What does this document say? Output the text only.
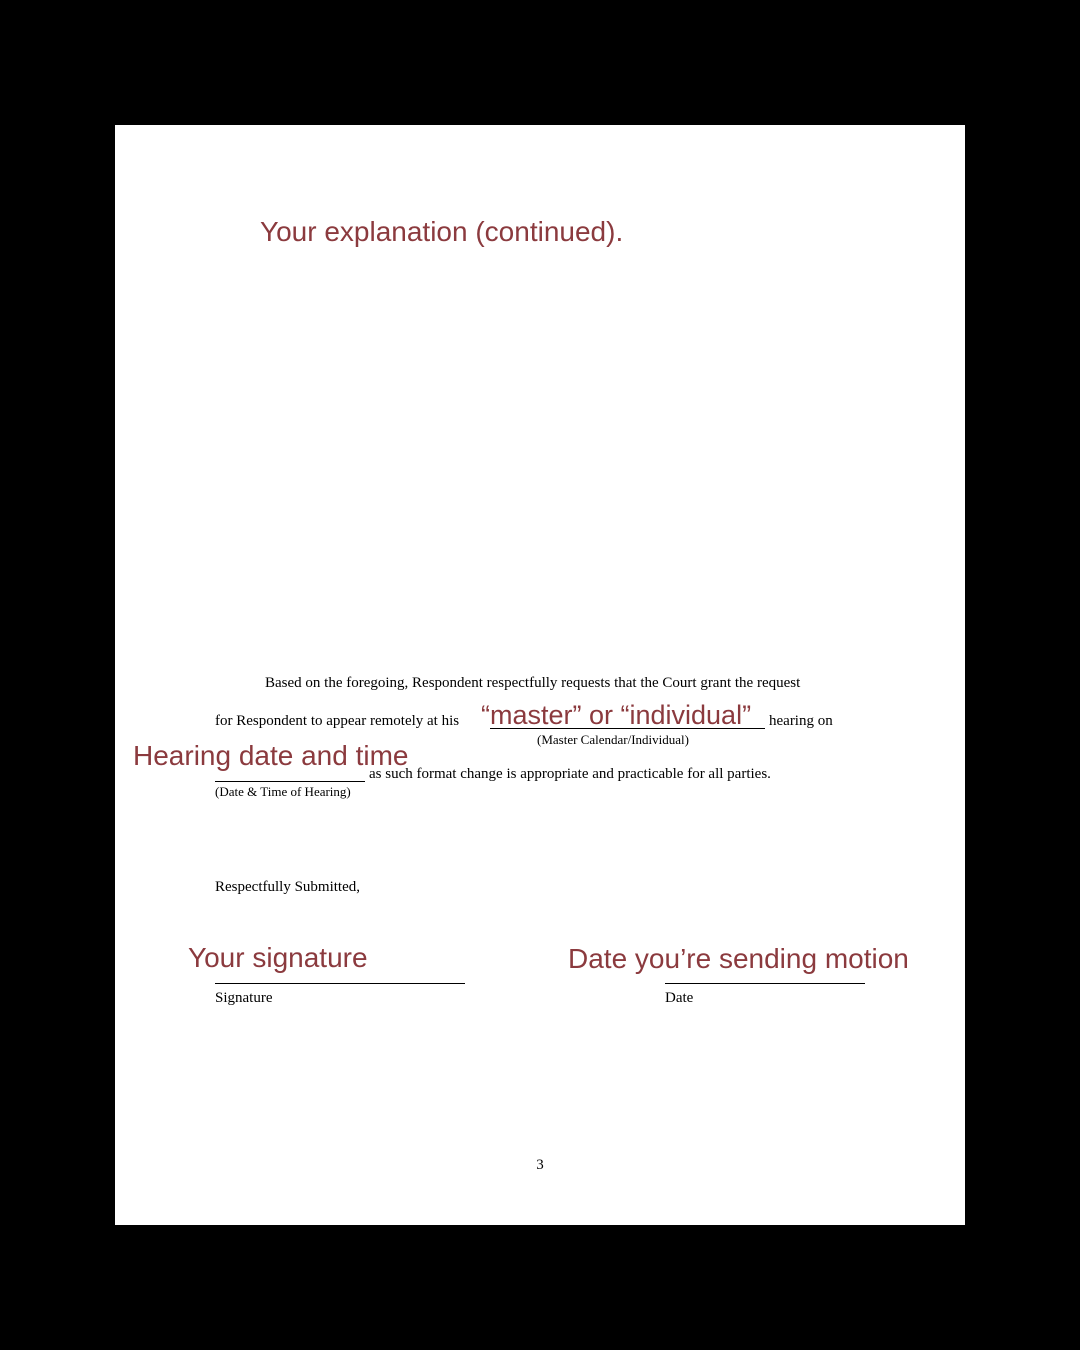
Your explanation (continued).
Based on the foregoing, Respondent respectfully requests that the Court grant the request
for Respondent to appear remotely at his “master” or “individual” hearing on
(Master Calendar/Individual)
Hearing date and time
as such format change is appropriate and practicable for all parties.
(Date & Time of Hearing)
Respectfully Submitted,
Your signature
Signature
Date you’re sending motion
Date
3
